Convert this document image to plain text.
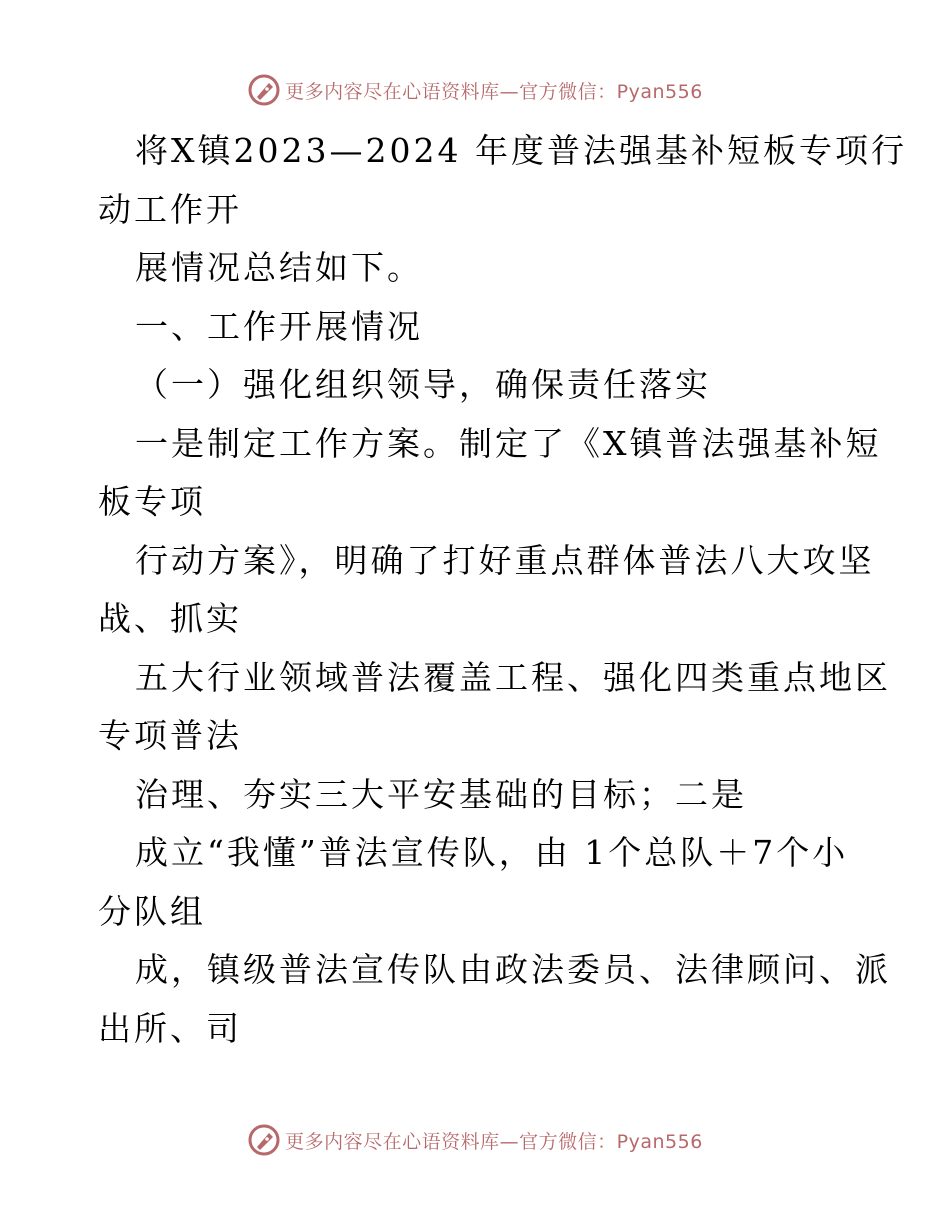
更多内容尽在心语资料库—官方微信：Pyan556
将X镇2023—2024 年度普法强基补短板专项行
动工作开
展情况总结如下。
一、工作开展情况
（一）强化组织领导，确保责任落实
一是制定工作方案。制定了《X镇普法强基补短
板专项
行动方案》，明确了打好重点群体普法八大攻坚
战、抓实
五大行业领域普法覆盖工程、强化四类重点地区
专项普法
治理、夯实三大平安基础的目标；二是
成立“我懂”普法宣传队，由 1个总队＋7个小
分队组
成，镇级普法宣传队由政法委员、法律顾问、派
出所、司
更多内容尽在心语资料库—官方微信：Pyan556
